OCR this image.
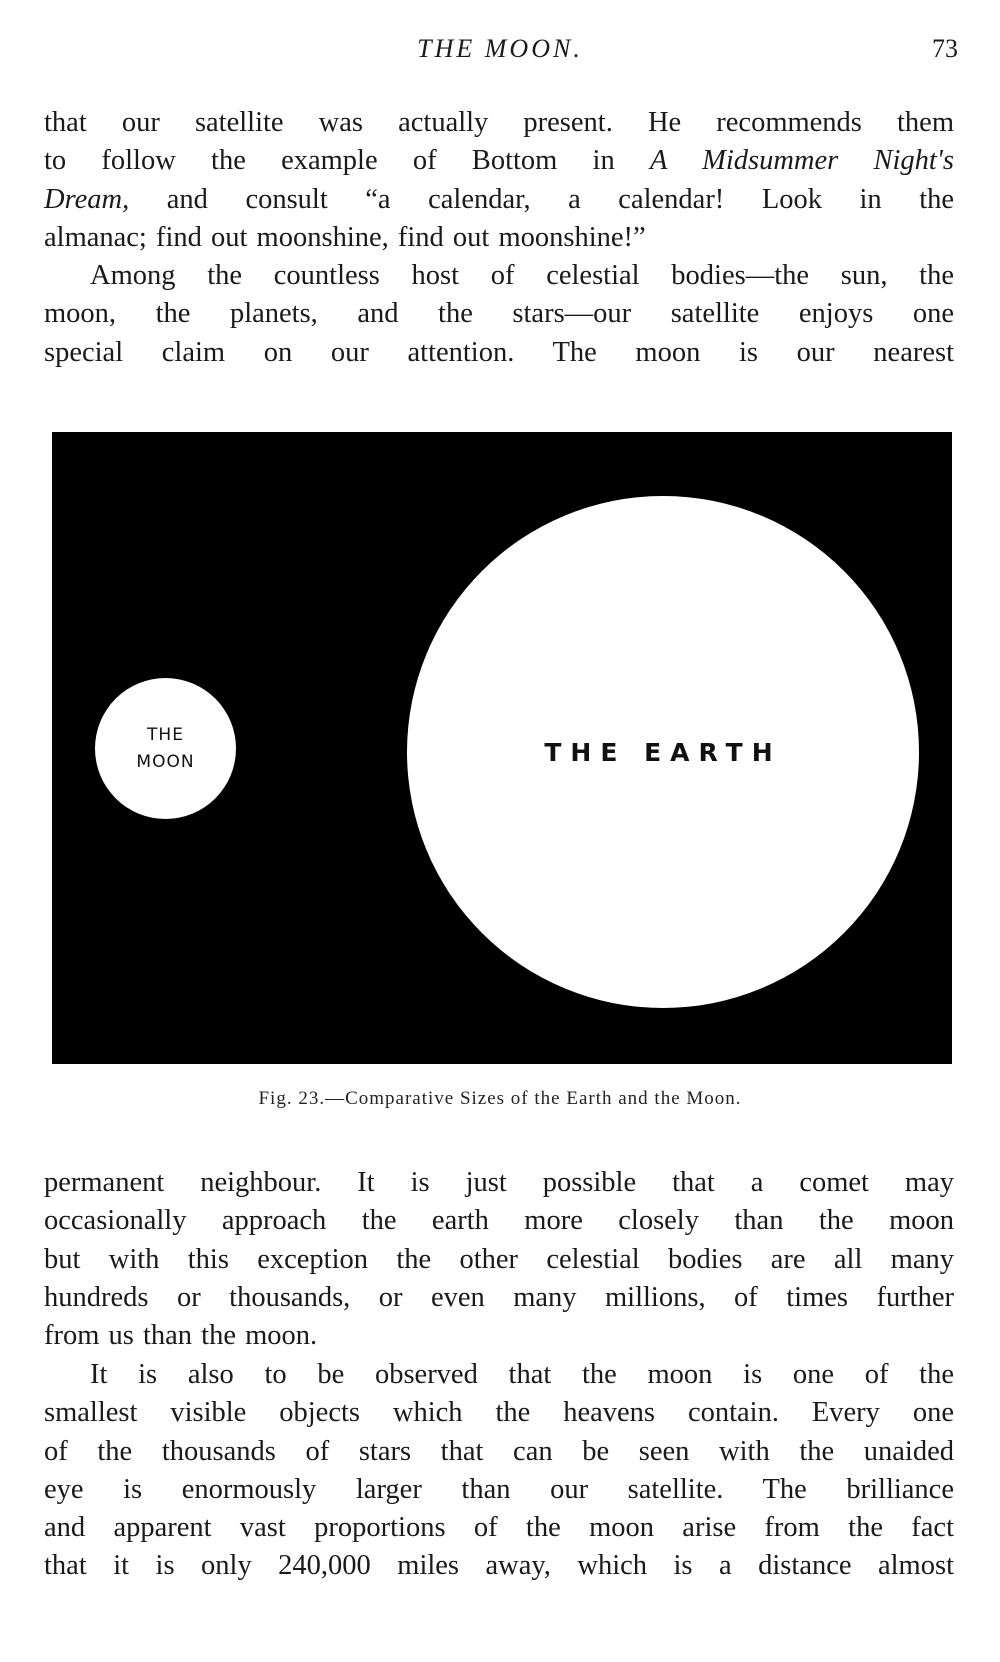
THE MOON.	73
that our satellite was actually present. He recommends them
to follow the example of Bottom in A Midsummer Night's
Dream, and consult “a calendar, a calendar! Look in the
almanac; find out moonshine, find out moonshine!”
Among the countless host of celestial bodies—the sun, the
moon, the planets, and the stars—our satellite enjoys one
special claim on our attention. The moon is our nearest
THE
MOON	THE EARTH
Fig. 23.—Comparative Sizes of the Earth and the Moon.
permanent neighbour. It is just possible that a comet may
occasionally approach the earth more closely than the moon
but with this exception the other celestial bodies are all many
hundreds or thousands, or even many millions, of times further
from us than the moon.
It is also to be observed that the moon is one of the
smallest visible objects which the heavens contain. Every one
of the thousands of stars that can be seen with the unaided
eye is enormously larger than our satellite. The brilliance
and apparent vast proportions of the moon arise from the fact
that it is only 240,000 miles away, which is a distance almost
